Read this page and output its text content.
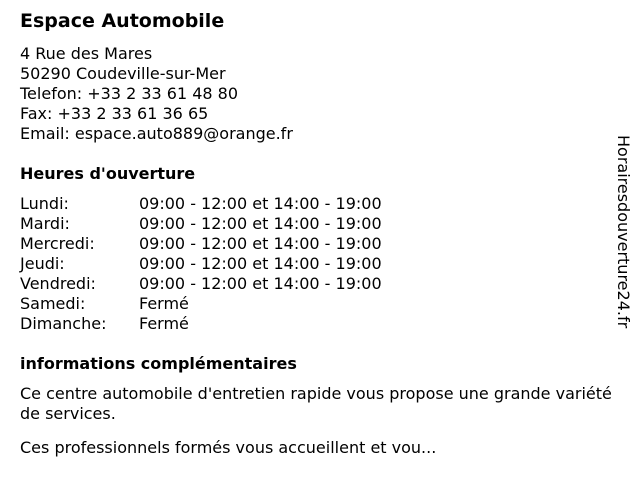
Espace Automobile
4 Rue des Mares
50290 Coudeville-sur-Mer
Telefon: +33 2 33 61 48 80
Fax: +33 2 33 61 36 65
Email: espace.auto889@orange.fr
Heures d'ouverture
Lundi:	09:00 - 12:00 et 14:00 - 19:00
Mardi:	09:00 - 12:00 et 14:00 - 19:00
Mercredi:	09:00 - 12:00 et 14:00 - 19:00
Jeudi:	09:00 - 12:00 et 14:00 - 19:00
Vendredi:	09:00 - 12:00 et 14:00 - 19:00
Samedi:	Fermé
Dimanche: Fermé
informations complémentaires
Ce centre automobile d'entretien rapide vous propose une grande variété de services.
Ces professionnels formés vous accueillent et vou...
Horairesdouverture24.fr
